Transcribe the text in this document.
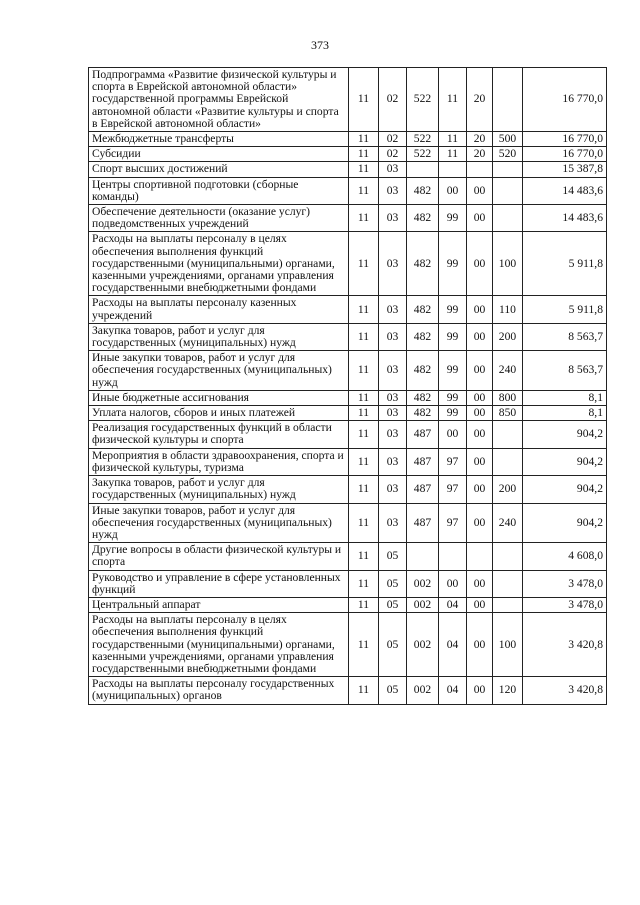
373
Подпрограмма «Развитие физической культуры и спорта в Еврейской автономной области» государственной программы Еврейской автономной области «Развитие культуры и спорта в Еврейской автономной области»	11	02	522	11	20		16 770,0
Межбюджетные трансферты	11	02	522	11	20	500	16 770,0
Субсидии	11	02	522	11	20	520	16 770,0
Спорт высших достижений	11	03					15 387,8
Центры спортивной подготовки (сборные команды)	11	03	482	00	00		14 483,6
Обеспечение деятельности (оказание услуг) подведомственных учреждений	11	03	482	99	00		14 483,6
Расходы на выплаты персоналу в целях обеспечения выполнения функций государственными (муниципальными) органами, казенными учреждениями, органами управления государственными внебюджетными фондами	11	03	482	99	00	100	5 911,8
Расходы на выплаты персоналу казенных учреждений	11	03	482	99	00	110	5 911,8
Закупка товаров, работ и услуг для государственных (муниципальных) нужд	11	03	482	99	00	200	8 563,7
Иные закупки товаров, работ и услуг для обеспечения государственных (муниципальных) нужд	11	03	482	99	00	240	8 563,7
Иные бюджетные ассигнования	11	03	482	99	00	800	8,1
Уплата налогов, сборов и иных платежей	11	03	482	99	00	850	8,1
Реализация государственных функций в области физической культуры и спорта	11	03	487	00	00		904,2
Мероприятия в области здравоохранения, спорта и физической культуры, туризма	11	03	487	97	00		904,2
Закупка товаров, работ и услуг для государственных (муниципальных) нужд	11	03	487	97	00	200	904,2
Иные закупки товаров, работ и услуг для обеспечения государственных (муниципальных) нужд	11	03	487	97	00	240	904,2
Другие вопросы в области физической культуры и спорта	11	05					4 608,0
Руководство и управление в сфере установленных функций	11	05	002	00	00		3 478,0
Центральный аппарат	11	05	002	04	00		3 478,0
Расходы на выплаты персоналу в целях обеспечения выполнения функций государственными (муниципальными) органами, казенными учреждениями, органами управления государственными внебюджетными фондами	11	05	002	04	00	100	3 420,8
Расходы на выплаты персоналу государственных (муниципальных) органов	11	05	002	04	00	120	3 420,8
